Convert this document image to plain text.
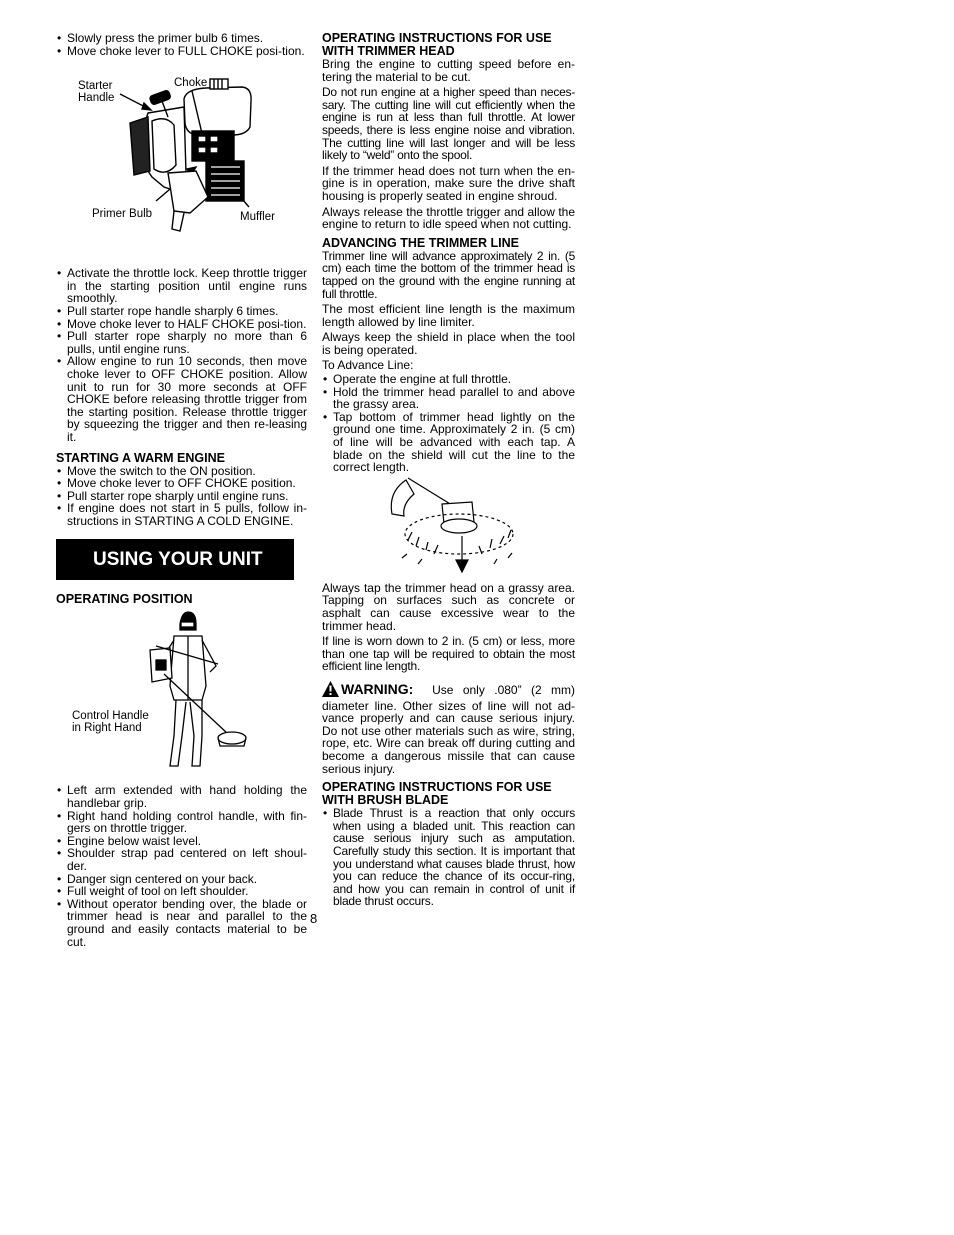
• Slowly press the primer bulb 6 times.
• Move choke lever to FULL CHOKE posi-tion.
Starter
Handle
Choke
Primer Bulb	Muffler
• Activate the throttle lock. Keep throttle trigger in the starting position until engine runs smoothly.
• Pull starter rope handle sharply 6 times.
• Move choke lever to HALF CHOKE posi-tion.
• Pull starter rope sharply no more than 6 pulls, until engine runs.
• Allow engine to run 10 seconds, then move choke lever to OFF CHOKE position. Allow unit to run for 30 more seconds at OFF CHOKE before releasing throttle trigger from the starting position. Release throttle trigger by squeezing the trigger and then re-leasing it.
STARTING A WARM ENGINE
• Move the switch to the ON position.
• Move choke lever to OFF CHOKE position.
• Pull starter rope sharply until engine runs.
• If engine does not start in 5 pulls, follow in-structions in STARTING A COLD ENGINE.
USING YOUR UNIT
OPERATING POSITION
Control Handle
in Right Hand
• Left arm extended with hand holding the handlebar grip.
• Right hand holding control handle, with fin-gers on throttle trigger.
• Engine below waist level.
• Shoulder strap pad centered on left shoul-der.
• Danger sign centered on your back.
• Full weight of tool on left shoulder.
• Without operator bending over, the blade or trimmer head is near and parallel to the ground and easily contacts material to be cut.
OPERATING INSTRUCTIONS FOR USE WITH TRIMMER HEAD

Bring the engine to cutting speed before en-tering the material to be cut.

Do not run engine at a higher speed than neces-sary. The cutting line will cut efficiently when the engine is run at less than full throttle. At lower speeds, there is less engine noise and vibration. The cutting line will last longer and will be less likely to “weld” onto the spool.

If the trimmer head does not turn when the en-gine is in operation, make sure the drive shaft housing is properly seated in engine shroud.

Always release the throttle trigger and allow the engine to return to idle speed when not cutting.

ADVANCING THE TRIMMER LINE

Trimmer line will advance approximately 2 in. (5 cm) each time the bottom of the trimmer head is tapped on the ground with the engine running at full throttle.

The most efficient line length is the maximum length allowed by line limiter.

Always keep the shield in place when the tool is being operated.

To Advance Line:

• Operate the engine at full throttle.
• Hold the trimmer head parallel to and above the grassy area.
• Tap bottom of trimmer head lightly on the ground one time. Approximately 2 in. (5 cm) of line will be advanced with each tap. A blade on the shield will cut the line to the correct length.

Always tap the trimmer head on a grassy area. Tapping on surfaces such as concrete or asphalt can cause excessive wear to the trimmer head.

If line is worn down to 2 in. (5 cm) or less, more than one tap will be required to obtain the most efficient line length.

WARNING: Use only .080” (2 mm) diameter line. Other sizes of line will not ad-vance properly and can cause serious injury. Do not use other materials such as wire, string, rope, etc. Wire can break off during cutting and become a dangerous missile that can cause serious injury.

OPERATING INSTRUCTIONS FOR USE WITH BRUSH BLADE
• Blade Thrust is a reaction that only occurs when using a bladed unit. This reaction can cause serious injury such as amputation. Carefully study this section. It is important that you understand what causes blade thrust, how you can reduce the chance of its occur-ring, and how you can remain in control of unit if blade thrust occurs.
8
